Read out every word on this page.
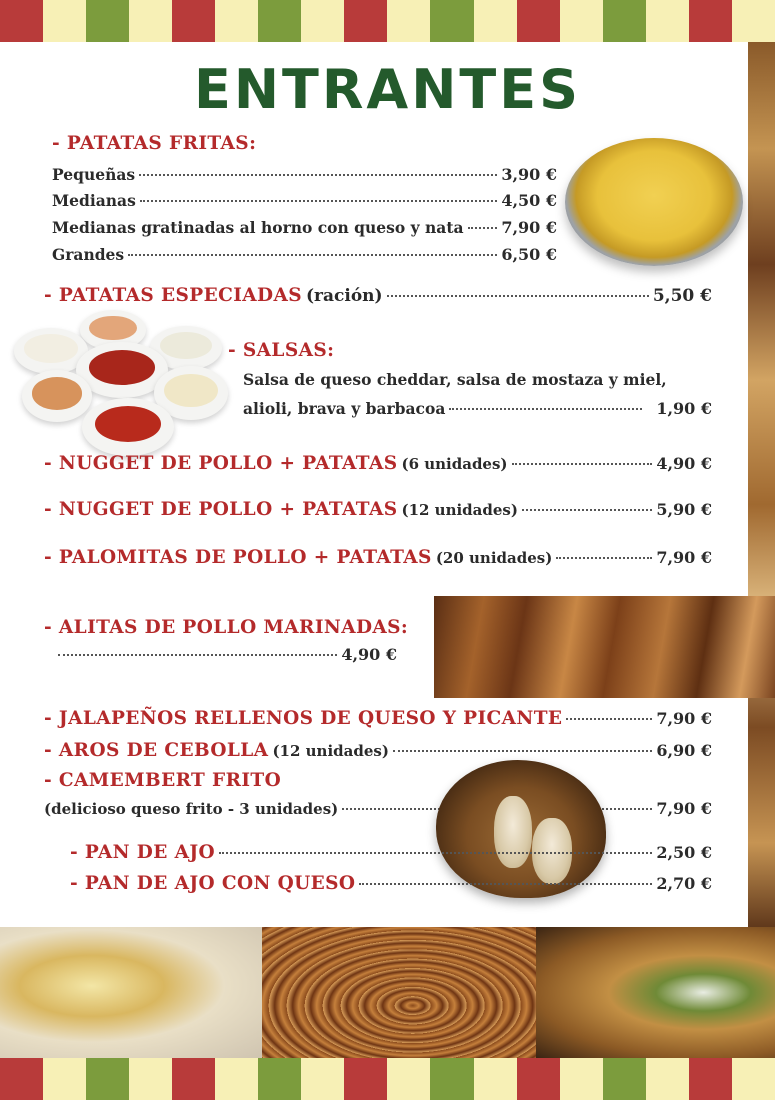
ENTRANTES
- PATATAS FRITAS:
Pequeñas	3,90 €
Medianas	4,50 €
Medianas gratinadas al horno con queso y nata 7,90 €
Grandes	6,50 €
- PATATAS ESPECIADAS (ración)	5,50 €
- SALSAS:
Salsa de queso cheddar, salsa de mostaza y miel,
alioli, brava y barbacoa	1,90 €
- NUGGET DE POLLO + PATATAS (6 unidades)	4,90 €
- NUGGET DE POLLO + PATATAS (12 unidades)	5,90 €
- PALOMITAS DE POLLO + PATATAS (20 unidades)	7,90 €
- ALITAS DE POLLO MARINADAS:
4,90 €
- JALAPEÑOS RELLENOS DE QUESO Y PICANTE	7,90 €
- AROS DE CEBOLLA (12 unidades)	6,90 €
- CAMEMBERT FRITO
(delicioso queso frito - 3 unidades)	7,90 €
- PAN DE AJO	2,50 €
- PAN DE AJO CON QUESO	2,70 €
